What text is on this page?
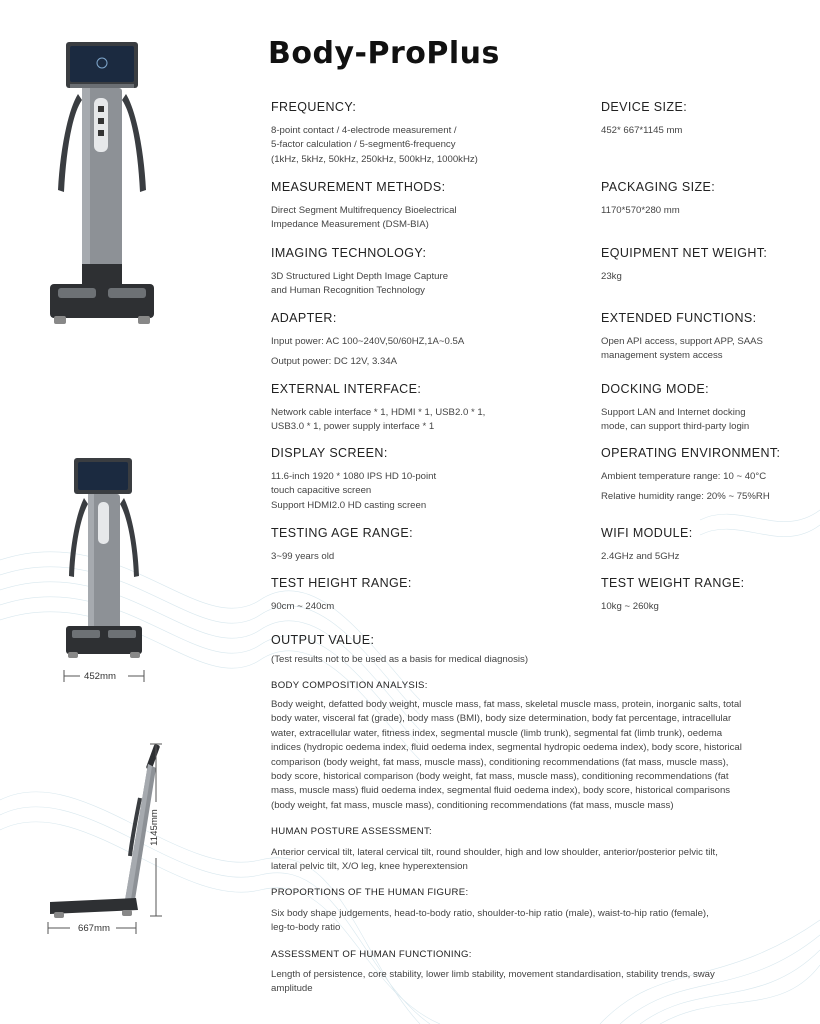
452mm
1145mm
667mm
Body-ProPlus
FREQUENCY:

8-point contact / 4-electrode measurement /

5-factor calculation / 5-segment6-frequency

(1kHz, 5kHz, 50kHz, 250kHz, 500kHz, 1000kHz)

MEASUREMENT METHODS:

Direct Segment Multifrequency Bioelectrical

Impedance Measurement (DSM-BIA)

IMAGING TECHNOLOGY:

3D Structured Light Depth Image Capture

and Human Recognition Technology

ADAPTER:

Input power: AC 100~240V,50/60HZ,1A~0.5A

Output power: DC 12V, 3.34A

EXTERNAL INTERFACE:

Network cable interface * 1, HDMI * 1, USB2.0 * 1,

USB3.0 * 1, power supply interface * 1

DISPLAY SCREEN:

11.6-inch 1920 * 1080 IPS HD 10-point

touch capacitive screen

Support HDMI2.0 HD casting screen

TESTING AGE RANGE:

3~99 years old

TEST HEIGHT RANGE:

90cm ~ 240cm

DEVICE SIZE:

452* 667*1145 mm

PACKAGING SIZE:

1170*570*280 mm

EQUIPMENT NET WEIGHT:

23kg

EXTENDED FUNCTIONS:

Open API access, support APP, SAAS

management system access

DOCKING MODE:

Support LAN and Internet docking

mode, can support third-party login

OPERATING ENVIRONMENT:

Ambient temperature range: 10 ~ 40°C

Relative humidity range: 20% ~ 75%RH

WIFI MODULE:

2.4GHz and 5GHz

TEST WEIGHT RANGE:

10kg ~ 260kg

OUTPUT VALUE:

(Test results not to be used as a basis for medical diagnosis)

BODY COMPOSITION ANALYSIS:
Body weight, defatted body weight, muscle mass, fat mass, skeletal muscle mass, protein, inorganic salts, total
body water, visceral fat (grade), body mass (BMI), body size determination, body fat percentage, intracellular
water, extracellular water, fitness index, segmental muscle (limb trunk), segmental fat (limb trunk), oedema
indices (hydropic oedema index, fluid oedema index, segmental hydropic oedema index), body score, historical
comparison (body weight, fat mass, muscle mass), conditioning recommendations (fat mass, muscle mass),
body score, historical comparison (body weight, fat mass, muscle mass), conditioning recommendations (fat
mass, muscle mass) fluid oedema index, segmental fluid oedema index), body score, historical comparisons
(body weight, fat mass, muscle mass), conditioning recommendations (fat mass, muscle mass)
HUMAN POSTURE ASSESSMENT:
Anterior cervical tilt, lateral cervical tilt, round shoulder, high and low shoulder, anterior/posterior pelvic tilt,
lateral pelvic tilt, X/O leg, knee hyperextension
PROPORTIONS OF THE HUMAN FIGURE:
Six body shape judgements, head-to-body ratio, shoulder-to-hip ratio (male), waist-to-hip ratio (female),
leg-to-body ratio
ASSESSMENT OF HUMAN FUNCTIONING:
Length of persistence, core stability, lower limb stability, movement standardisation, stability trends, sway
amplitude
